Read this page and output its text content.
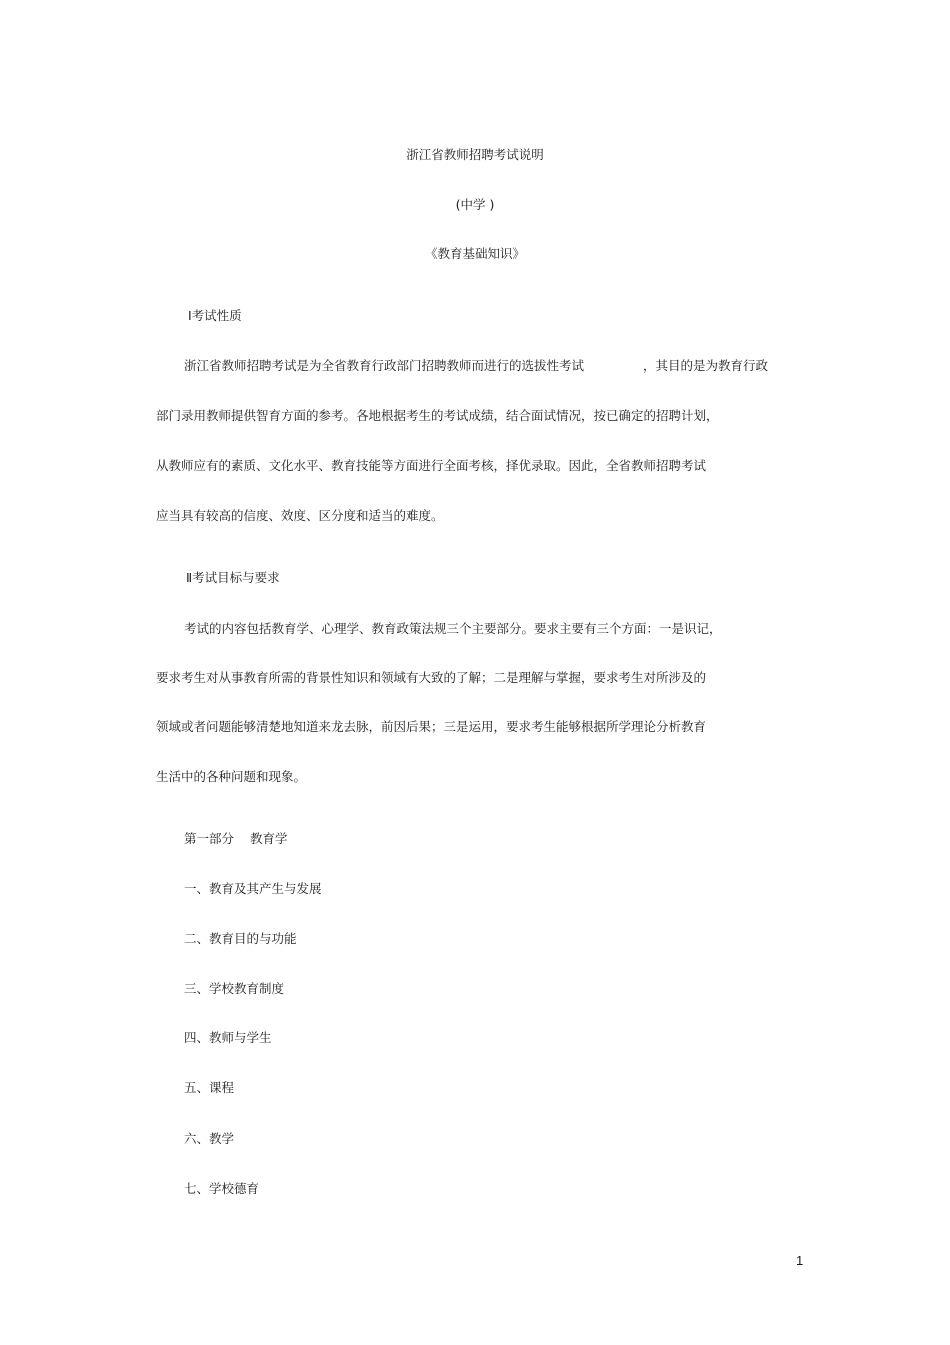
浙江省教师招聘考试说明
(中学 )
《教育基础知识》
Ⅰ考试性质
浙江省教师招聘考试是为全省教育行政部门招聘教师而进行的选拔性考试	，其目的是为教育行政
部门录用教师提供智育方面的参考。各地根据考生的考试成绩，结合面试情况，按已确定的招聘计划，
从教师应有的素质、文化水平、教育技能等方面进行全面考核，择优录取。因此，全省教师招聘考试
应当具有较高的信度、效度、区分度和适当的难度。
Ⅱ考试目标与要求
考试的内容包括教育学、心理学、教育政策法规三个主要部分。要求主要有三个方面：一是识记，
要求考生对从事教育所需的背景性知识和领域有大致的了解；二是理解与掌握，要求考生对所涉及的
领域或者问题能够清楚地知道来龙去脉，前因后果；三是运用，要求考生能够根据所学理论分析教育
生活中的各种问题和现象。
第一部分 教育学
一、教育及其产生与发展
二、教育目的与功能
三、学校教育制度
四、教师与学生
五、课程
六、教学
七、学校德育
1
